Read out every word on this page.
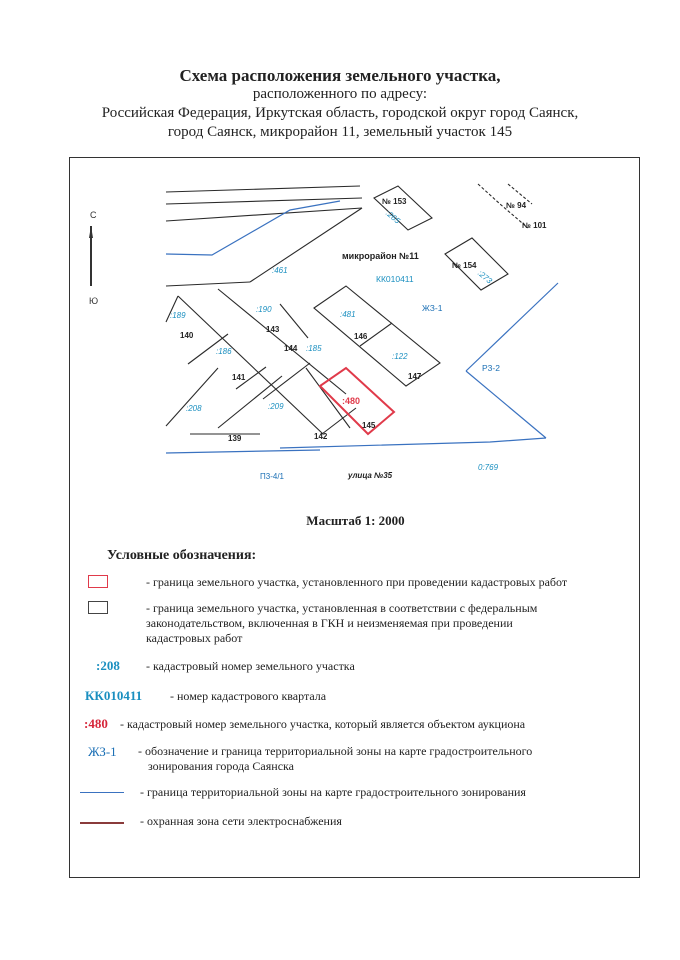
Схема расположения земельного участка,
расположенного по адресу:
Российская Федерация, Иркутская область, городской округ город Саянск,
город Саянск, микрорайон 11, земельный участок 145
С
Ю
микрорайон №11
КК010411
ЖЗ-1
Р3-2
П3-4/1	улица №35
0:769
:461
№ 153
:265
№ 154
:273
№ 94
№ 101
140
:189
143
:190
141
:186	144 :185
146
:481
147
:122
139
:208
142
:209
145
:480
Масштаб 1: 2000
Условные обозначения:
- граница земельного участка, установленного при проведении кадастровых работ
- граница земельного участка, установленная в соответствии с федеральным
законодательством, включенная в ГКН и неизменяемая при проведении
кадастровых работ
:208 - кадастровый номер земельного участка
КК010411 - номер кадастрового квартала
:480 - кадастровый номер земельного участка, который является объектом аукциона
ЖЗ-1 - обозначение и граница территориальной зоны на карте градостроительного
зонирования города Саянска
- граница территориальной зоны на карте градостроительного зонирования
- охранная зона сети электроснабжения
